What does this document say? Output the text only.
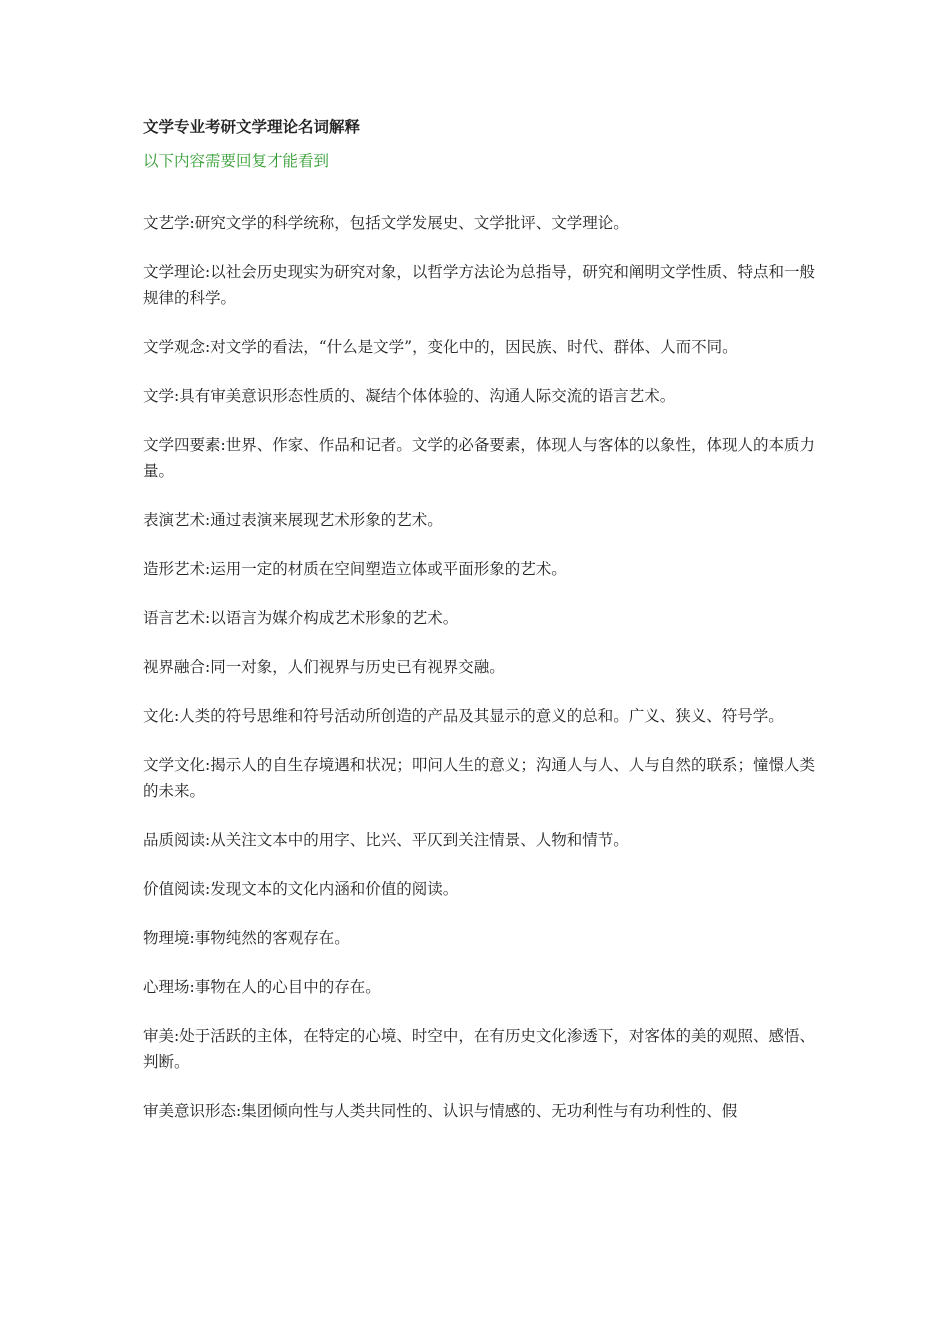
文学专业考研文学理论名词解释

以下内容需要回复才能看到

文艺学:研究文学的科学统称，包括文学发展史、文学批评、文学理论。

文学理论:以社会历史现实为研究对象，以哲学方法论为总指导，研究和阐明文学性质、特点和一般规律的科学。

文学观念:对文学的看法，“什么是文学”，变化中的，因民族、时代、群体、人而不同。

文学:具有审美意识形态性质的、凝结个体体验的、沟通人际交流的语言艺术。

文学四要素:世界、作家、作品和记者。文学的必备要素，体现人与客体的以象性，体现人的本质力量。

表演艺术:通过表演来展现艺术形象的艺术。

造形艺术:运用一定的材质在空间塑造立体或平面形象的艺术。

语言艺术:以语言为媒介构成艺术形象的艺术。

视界融合:同一对象，人们视界与历史已有视界交融。

文化:人类的符号思维和符号活动所创造的产品及其显示的意义的总和。广义、狭义、符号学。

文学文化:揭示人的自生存境遇和状况；叩问人生的意义；沟通人与人、人与自然的联系；憧憬人类的未来。

品质阅读:从关注文本中的用字、比兴、平仄到关注情景、人物和情节。

价值阅读:发现文本的文化内涵和价值的阅读。

物理境:事物纯然的客观存在。

心理场:事物在人的心目中的存在。

审美:处于活跃的主体，在特定的心境、时空中，在有历史文化渗透下，对客体的美的观照、感悟、判断。

审美意识形态:集团倾向性与人类共同性的、认识与情感的、无功利性与有功利性的、假
